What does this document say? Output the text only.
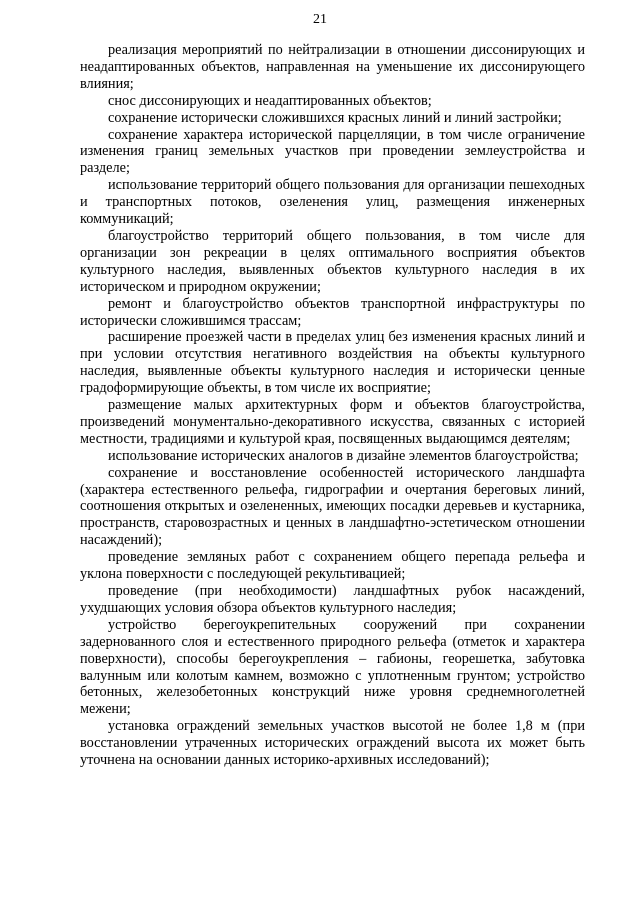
21

реализация мероприятий по нейтрализации в отношении диссонирующих и неадаптированных объектов, направленная на уменьшение их диссонирующего влияния;

снос диссонирующих и неадаптированных объектов;

сохранение исторически сложившихся красных линий и линий застройки;

сохранение характера исторической парцелляции, в том числе ограничение изменения границ земельных участков при проведении землеустройства и разделе;

использование территорий общего пользования для организации пешеходных и транспортных потоков, озеленения улиц, размещения инженерных коммуникаций;

благоустройство территорий общего пользования, в том числе для организации зон рекреации в целях оптимального восприятия объектов культурного наследия, выявленных объектов культурного наследия в их историческом и природном окружении;

ремонт и благоустройство объектов транспортной инфраструктуры по исторически сложившимся трассам;

расширение проезжей части в пределах улиц без изменения красных линий и при условии отсутствия негативного воздействия на объекты культурного наследия, выявленные объекты культурного наследия и исторически ценные градоформирующие объекты, в том числе их восприятие;

размещение малых архитектурных форм и объектов благоустройства, произведений монументально-декоративного искусства, связанных с историей местности, традициями и культурой края, посвященных выдающимся деятелям;

использование исторических аналогов в дизайне элементов благоустройства;

сохранение и восстановление особенностей исторического ландшафта (характера естественного рельефа, гидрографии и очертания береговых линий, соотношения открытых и озелененных, имеющих посадки деревьев и кустарника, пространств, старовозрастных и ценных в ландшафтно-эстетическом отношении насаждений);

проведение земляных работ с сохранением общего перепада рельефа и уклона поверхности с последующей рекультивацией;

проведение (при необходимости) ландшафтных рубок насаждений, ухудшающих условия обзора объектов культурного наследия;

устройство берегоукрепительных сооружений при сохранении задернованного слоя и естественного природного рельефа (отметок и характера поверхности), способы берегоукрепления – габионы, георешетка, забутовка валунным или колотым камнем, возможно с уплотненным грунтом; устройство бетонных, железобетонных конструкций ниже уровня среднемноголетней межени;

установка ограждений земельных участков высотой не более 1,8 м (при восстановлении утраченных исторических ограждений высота их может быть уточнена на основании данных историко-архивных исследований);
